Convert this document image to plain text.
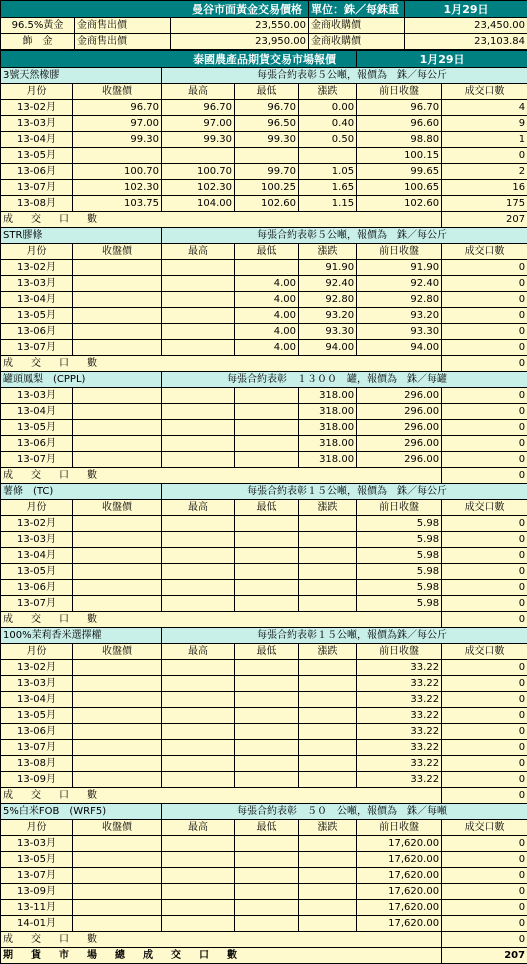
曼谷市面黃金交易價格			單位：銖／每銖重	1月29日
96.5%黃金	金商售出價	23,550.00	金商收購價	23,450.00
飾　金	金商售出價	23,950.00	金商收購價	23,103.84
泰國農產品期貨交易市場報價					1月29日	
3號天然橡膠		每張合約表彰５公噸，報價為　銖／每公斤				
月份	收盤價	最高	最低	漲跌	前日收盤	成交口數
13-02月	96.70	96.70	96.70	0.00	96.70	4
13-03月	97.00	97.00	96.50	0.40	96.60	9
13-04月	99.30	99.30	99.30	0.50	98.80	1
13-05月					100.15	0
13-06月	100.70	100.70	99.70	1.05	99.65	2
13-07月	102.30	102.30	100.25	1.65	100.65	16
13-08月	103.75	104.00	102.60	1.15	102.60	175
成　交　口　數						207
STR膠條		每張合約表彰５公噸，報價為　銖／每公斤				
月份	收盤價	最高	最低	漲跌	前日收盤	成交口數
13-02月				91.90	91.90	0
13-03月			4.00	92.40	92.40	0
13-04月			4.00	92.80	92.80	0
13-05月			4.00	93.20	93.20	0
13-06月			4.00	93.30	93.30	0
13-07月			4.00	94.00	94.00	0
成　交　口　數						0
罐頭鳳梨　(CPPL)		每張合約表彰　１３００　罐，報價為　銖／每罐				
13-03月				318.00	296.00	0
13-04月				318.00	296.00	0
13-05月				318.00	296.00	0
13-06月				318.00	296.00	0
13-07月				318.00	296.00	0
成　交　口　數						0
薯條　(TC)		每張合約表彰１５公噸，報價為　銖／每公斤				
月份	收盤價	最高	最低	漲跌	前日收盤	成交口數
13-02月					5.98	0
13-03月					5.98	0
13-04月					5.98	0
13-05月					5.98	0
13-06月					5.98	0
13-07月					5.98	0
成　交　口　數						0
100%茉莉香米選擇權		每張合約表彰１５公噸，報價為銖／每公斤				
月份	收盤價	最高	最低	漲跌	前日收盤	成交口數
13-02月					33.22	0
13-03月					33.22	0
13-04月					33.22	0
13-05月					33.22	0
13-06月					33.22	0
13-07月					33.22	0
13-08月					33.22	0
13-09月					33.22	0
成　交　口　數						0
5%白米FOB　(WRF5)		每張合約表彰　５０　公噸，報價為　銖／每噸				
月份	收盤價	最高	最低	漲跌	前日收盤	成交口數
13-03月					17,620.00	0
13-05月					17,620.00	0
13-07月					17,620.00	0
13-09月					17,620.00	0
13-11月					17,620.00	0
14-01月					17,620.00	0
成　交　口　數						0
期　貨　市　場　總　成　交　口　數						207
